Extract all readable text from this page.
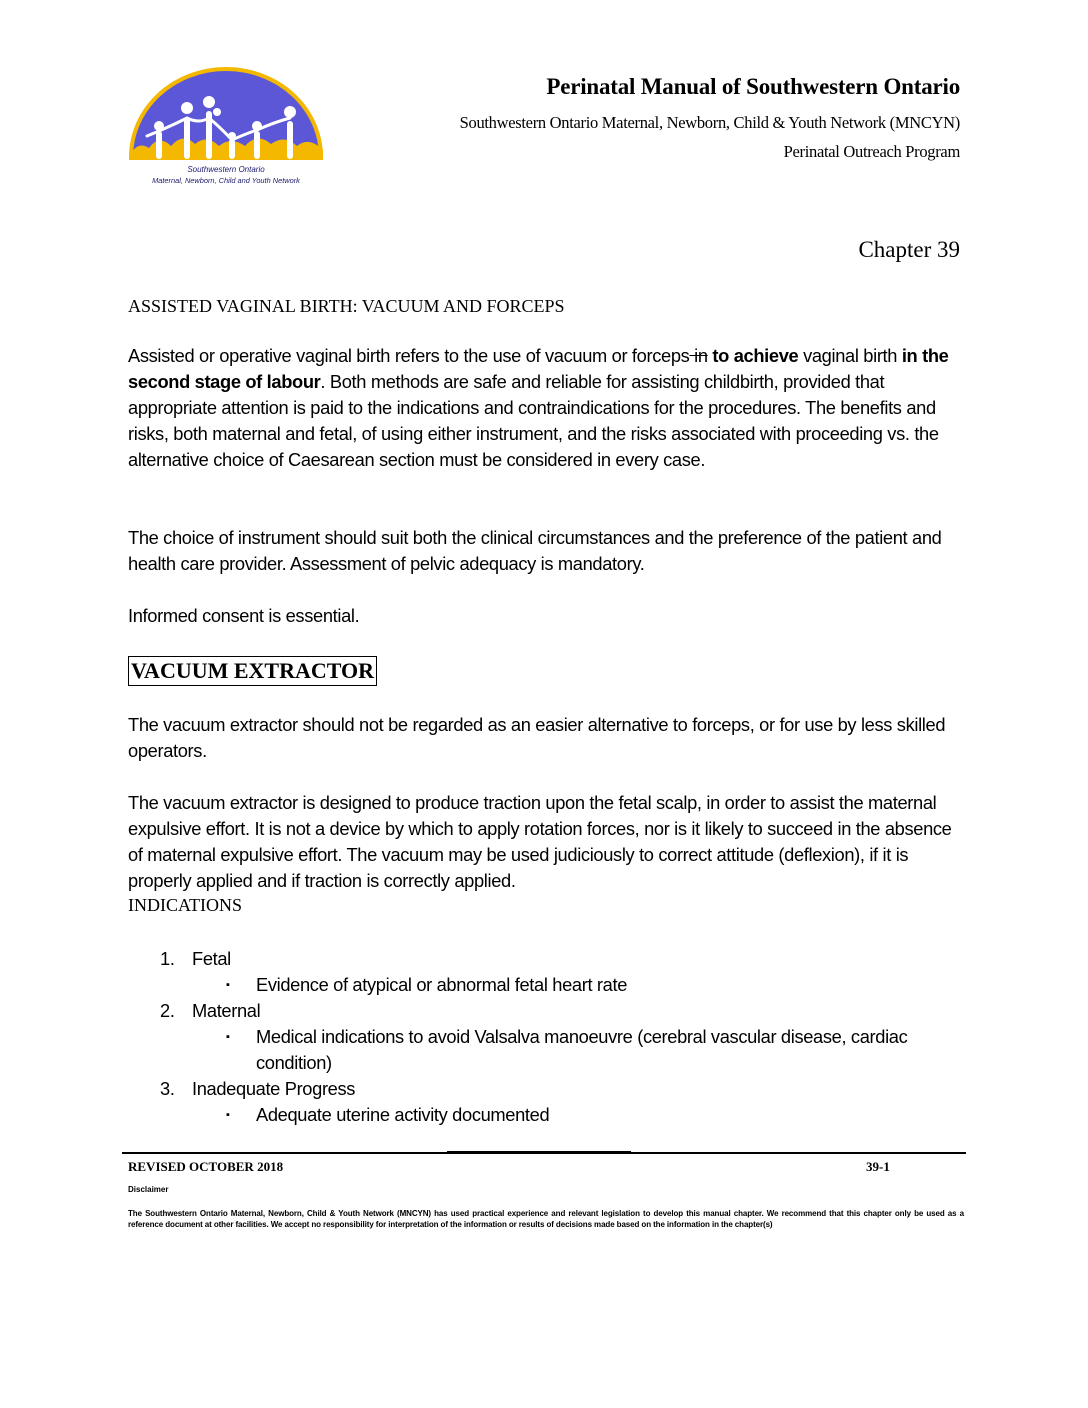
Southwestern Ontario
Maternal, Newborn, Child and Youth Network
Perinatal Manual of Southwestern Ontario
Southwestern Ontario Maternal, Newborn, Child & Youth Network (MNCYN)
Perinatal Outreach Program
Chapter 39
ASSISTED VAGINAL BIRTH: VACUUM AND FORCEPS
Assisted or operative vaginal birth refers to the use of vacuum or forceps in to achieve vaginal birth in the second stage of labour. Both methods are safe and reliable for assisting childbirth, provided that appropriate attention is paid to the indications and contraindications for the procedures. The benefits and risks, both maternal and fetal, of using either instrument, and the risks associated with proceeding vs. the alternative choice of Caesarean section must be considered in every case.
The choice of instrument should suit both the clinical circumstances and the preference of the patient and health care provider. Assessment of pelvic adequacy is mandatory.
Informed consent is essential.
VACUUM EXTRACTOR
The vacuum extractor should not be regarded as an easier alternative to forceps, or for use by less skilled operators.
The vacuum extractor is designed to produce traction upon the fetal scalp, in order to assist the maternal expulsive effort. It is not a device by which to apply rotation forces, nor is it likely to succeed in the absence of maternal expulsive effort. The vacuum may be used judiciously to correct attitude (deflexion), if it is properly applied and if traction is correctly applied.
INDICATIONS
1. Fetal
▪ Evidence of atypical or abnormal fetal heart rate
2. Maternal
▪ Medical indications to avoid Valsalva manoeuvre (cerebral vascular disease, cardiac condition)
3. Inadequate Progress
▪ Adequate uterine activity documented
REVISED OCTOBER 2018	39-1
Disclaimer
The Southwestern Ontario Maternal, Newborn, Child & Youth Network (MNCYN) has used practical experience and relevant legislation to develop this manual chapter. We recommend that this chapter only be used as a reference document at other facilities. We accept no responsibility for interpretation of the information or results of decisions made based on the information in the chapter(s)
